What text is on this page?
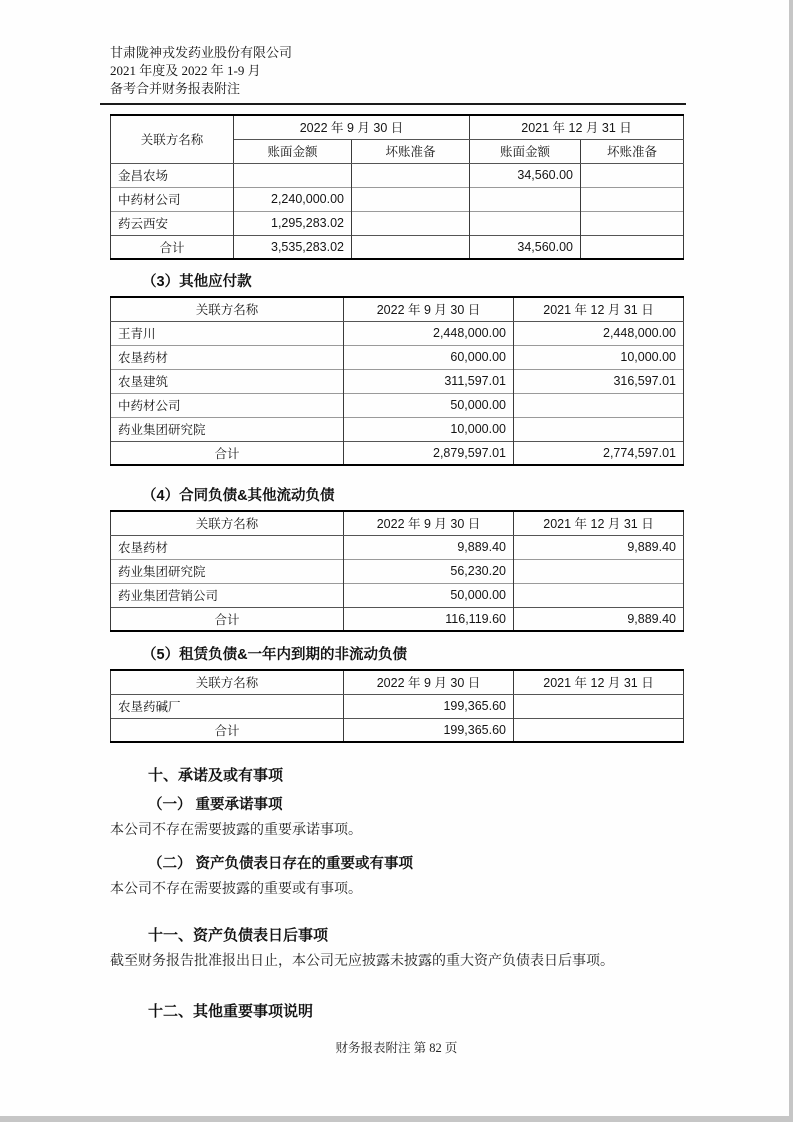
甘肃陇神戎发药业股份有限公司
2021 年度及 2022 年 1-9 月
备考合并财务报表附注
关联方名称	2022 年 9 月 30 日		2021 年 12 月 31 日	
	账面金额	坏账准备	账面金额	坏账准备
金昌农场			34,560.00	
中药材公司	2,240,000.00			
药云西安	1,295,283.02			
合计	3,535,283.02		34,560.00	
（3）其他应付款
关联方名称	2022 年 9 月 30 日	2021 年 12 月 31 日
王青川	2,448,000.00	2,448,000.00
农垦药材	60,000.00	10,000.00
农垦建筑	311,597.01	316,597.01
中药材公司	50,000.00	
药业集团研究院	10,000.00	
合计	2,879,597.01	2,774,597.01
（4）合同负债&其他流动负债
关联方名称	2022 年 9 月 30 日	2021 年 12 月 31 日
农垦药材	9,889.40	9,889.40
药业集团研究院	56,230.20	
药业集团营销公司	50,000.00	
合计	116,119.60	9,889.40
（5）租赁负债&一年内到期的非流动负债
关联方名称	2022 年 9 月 30 日	2021 年 12 月 31 日
农垦药碱厂	199,365.60	
合计	199,365.60	
十、承诺及或有事项
（一） 重要承诺事项

本公司不存在需要披露的重要承诺事项。

（二） 资产负债表日存在的重要或有事项

本公司不存在需要披露的重要或有事项。

十一、资产负债表日后事项

截至财务报告批准报出日止，本公司无应披露未披露的重大资产负债表日后事项。

十二、其他重要事项说明
财务报表附注 第 82 页
